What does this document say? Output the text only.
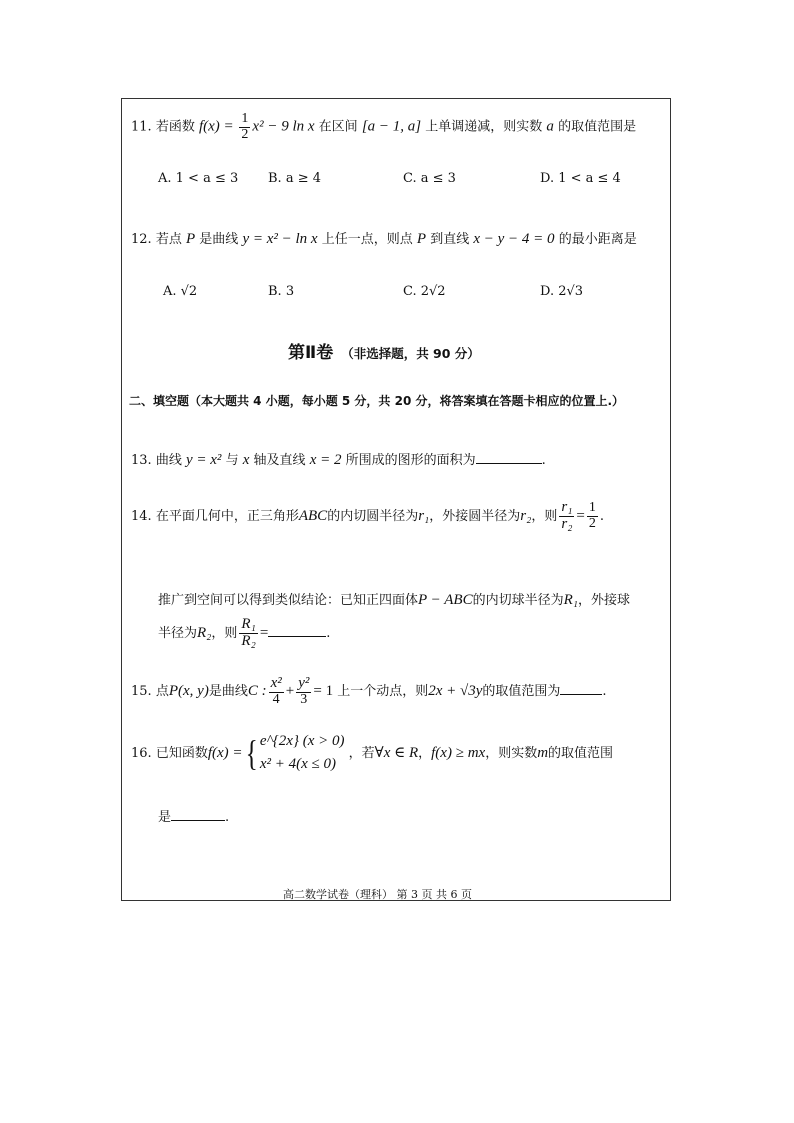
11. 若函数 $f(x) = \frac{1}{2} x^2 - 9$ ln x 在区间 [a − 1, a] 上单调递减，则实数 a 的取值范围是
A. 1 < a ≤ 3 B. a ≥ 4	C. a ≤ 3	D. 1 < a ≤ 4
12. 若点 P 是曲线 y = x² − ln x 上任一点，则点 P 到直线 x − y − 4 = 0 的最小距离是
A. √2	B. 3	C. 2√2	D. 2√3
第Ⅱ卷 （非选择题，共 90 分）
二、填空题（本大题共 4 小题，每小题 5 分，共 20 分，将答案填在答题卡相应的位置上.）
13. 曲线 y = x² 与 x 轴及直线 x = 2 所围成的图形的面积为	.
14. 在平面几何中，正三角形ABC的内切圆半径为r₁，外接圆半径为r₂，则 $\frac{\text{r₁}}{\text{r₂}} = \frac{1}{2}$ .
推广到空间可以得到类似结论：已知正四面体P − ABC的内切球半径为R₁，外接球
半径为R₂，则 $\frac{\text{R₁}}{\text{R₂}}$ =	.
15. 点P(x, y)是曲线C : $\frac{\text{x²}}{4} + \frac{\text{y²}}{3} = 1$ 上一个动点，则2x + √3y的取值范围为	.
16. 已知函数f(x) ={ e^{2x} (x > 0)
x² + 4(x ≤ 0)
，若∀x ∈ R，f(x) ≥ mx，则实数m的取值范围
是	.
高二数学试卷（理科） 第 3 页 共 6 页
